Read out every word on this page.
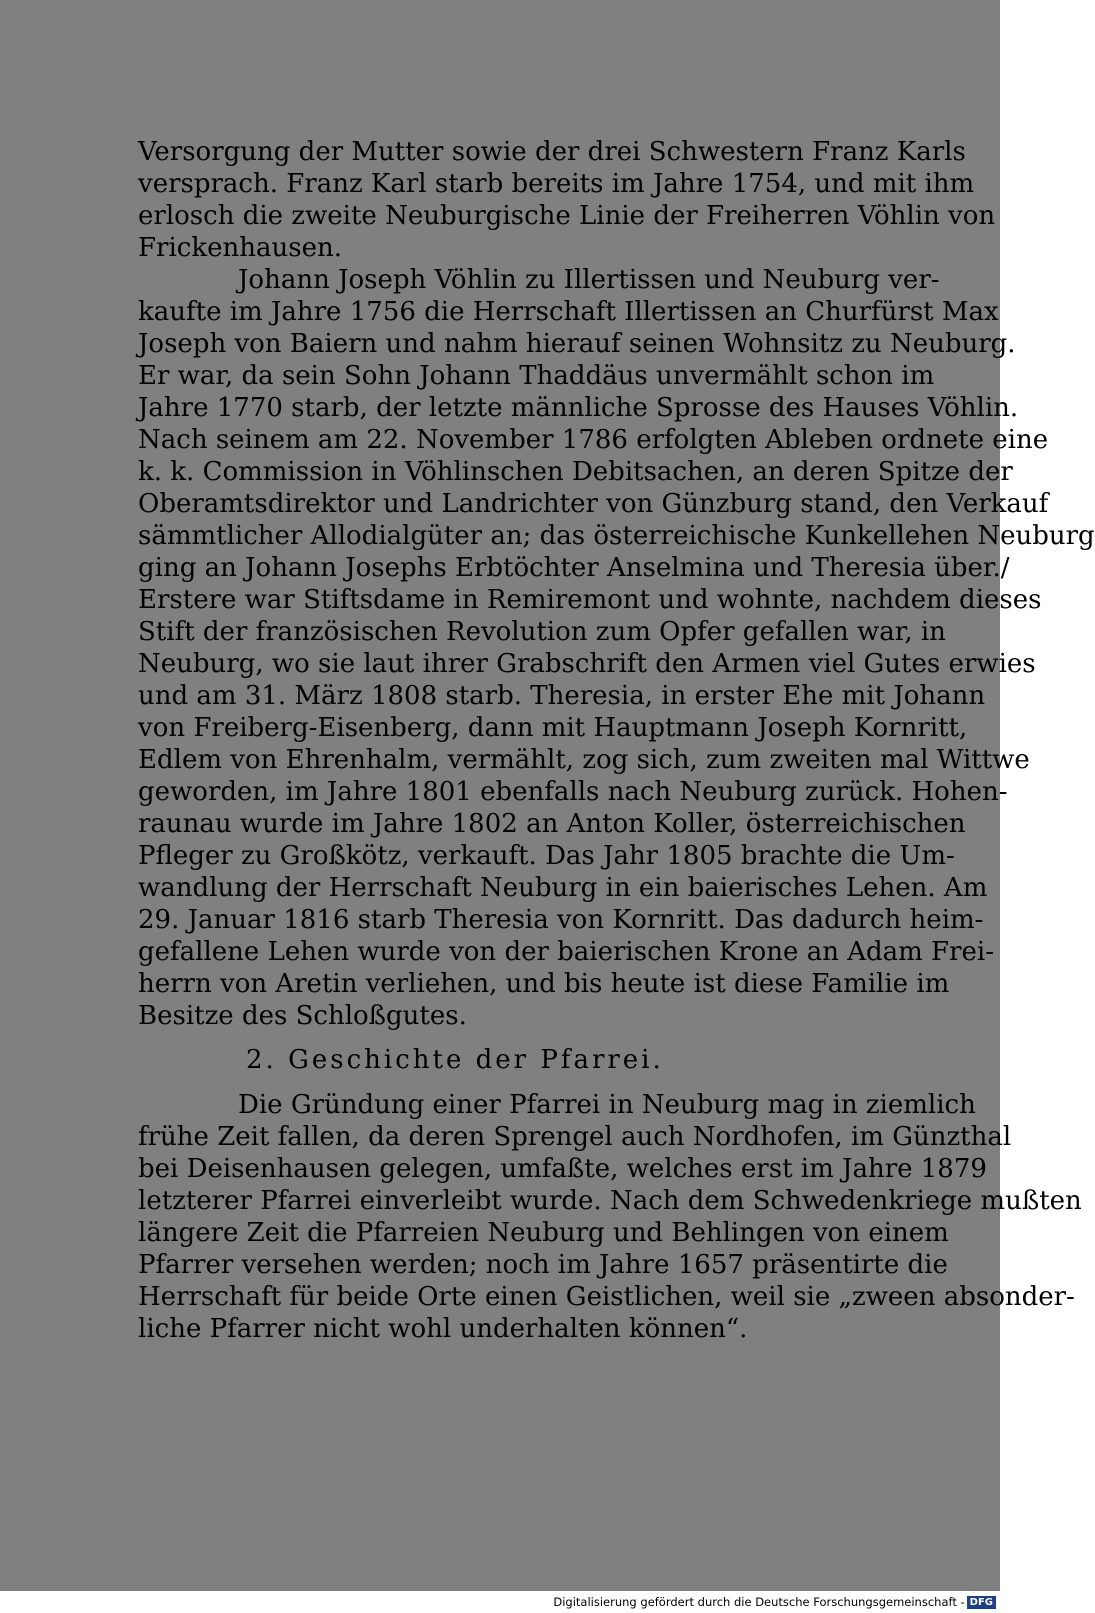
Versorgung der Mutter sowie der drei Schwestern Franz Karls
versprach. Franz Karl starb bereits im Jahre 1754, und mit ihm
erlosch die zweite Neuburgische Linie der Freiherren Vöhlin von
Frickenhausen.
Johann Joseph Vöhlin zu Illertissen und Neuburg ver-
kaufte im Jahre 1756 die Herrschaft Illertissen an Churfürst Max
Joseph von Baiern und nahm hierauf seinen Wohnsitz zu Neuburg.
Er war, da sein Sohn Johann Thaddäus unvermählt schon im
Jahre 1770 starb, der letzte männliche Sprosse des Hauses Vöhlin.
Nach seinem am 22. November 1786 erfolgten Ableben ordnete eine
k. k. Commission in Vöhlinschen Debitsachen, an deren Spitze der
Oberamtsdirektor und Landrichter von Günzburg stand, den Verkauf
sämmtlicher Allodialgüter an; das österreichische Kunkellehen Neuburg
ging an Johann Josephs Erbtöchter Anselmina und Theresia über./
Erstere war Stiftsdame in Remiremont und wohnte, nachdem dieses
Stift der französischen Revolution zum Opfer gefallen war, in
Neuburg, wo sie laut ihrer Grabschrift den Armen viel Gutes erwies
und am 31. März 1808 starb. Theresia, in erster Ehe mit Johann
von Freiberg-Eisenberg, dann mit Hauptmann Joseph Kornritt,
Edlem von Ehrenhalm, vermählt, zog sich, zum zweiten mal Wittwe
geworden, im Jahre 1801 ebenfalls nach Neuburg zurück. Hohen-
raunau wurde im Jahre 1802 an Anton Koller, österreichischen
Pfleger zu Großkötz, verkauft. Das Jahr 1805 brachte die Um-
wandlung der Herrschaft Neuburg in ein baierisches Lehen. Am
29. Januar 1816 starb Theresia von Kornritt. Das dadurch heim-
gefallene Lehen wurde von der baierischen Krone an Adam Frei-
herrn von Aretin verliehen, und bis heute ist diese Familie im
Besitze des Schloßgutes.
2. Geschichte der Pfarrei.
Die Gründung einer Pfarrei in Neuburg mag in ziemlich
frühe Zeit fallen, da deren Sprengel auch Nordhofen, im Günzthal
bei Deisenhausen gelegen, umfaßte, welches erst im Jahre 1879
letzterer Pfarrei einverleibt wurde. Nach dem Schwedenkriege mußten
längere Zeit die Pfarreien Neuburg und Behlingen von einem
Pfarrer versehen werden; noch im Jahre 1657 präsentirte die
Herrschaft für beide Orte einen Geistlichen, weil sie „zween absonder-
liche Pfarrer nicht wohl underhalten können“.
Digitalisierung gefördert durch die Deutsche Forschungsgemeinschaft - DFG
